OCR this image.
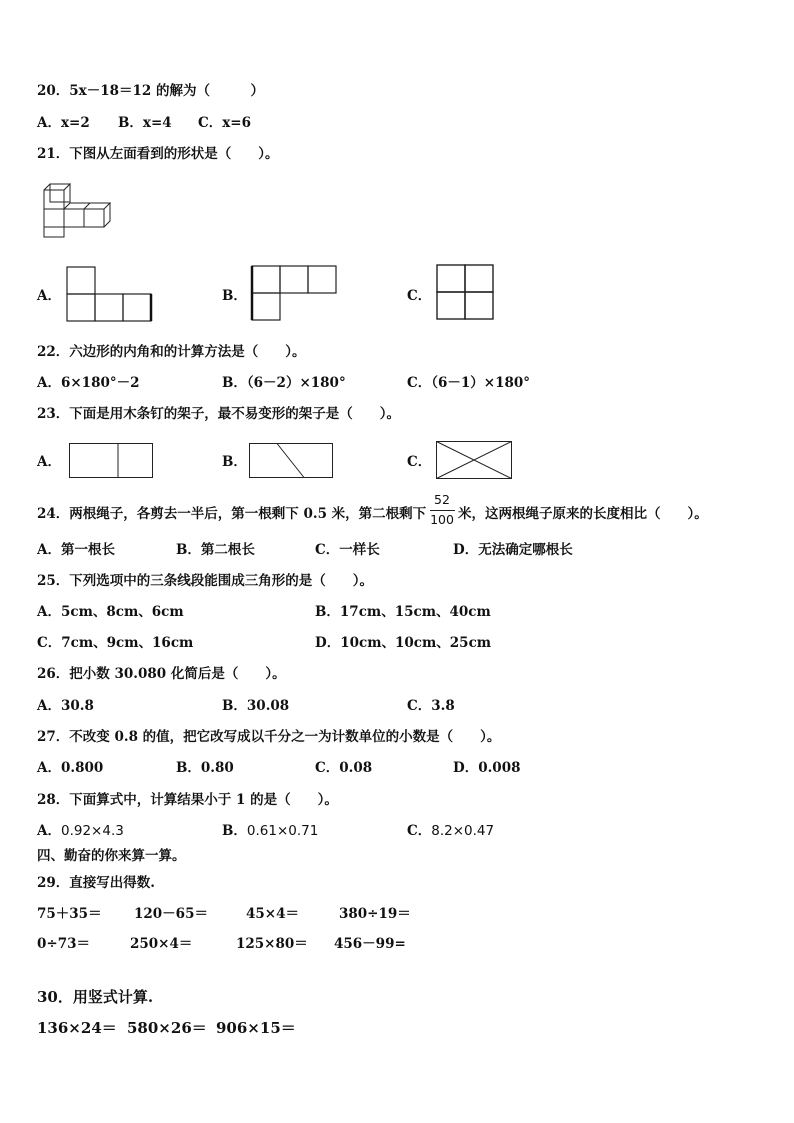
20．5x－18＝12 的解为（　　　）
A．x=2 B．x=4 C．x=6
21．下图从左面看到的形状是（　　）。
A．	B．	C．
22．六边形的内角和的计算方法是（　　）。
A．6×180°－2	B．（6－2）×180°	C．（6－1）×180°
23．下面是用木条钉的架子，最不易变形的架子是（　　）。
A．	B．	C．
24．两根绳子，各剪去一半后，第一根剩下 0.5 米，第二根剩下
52
100 米，这两根绳子原来的长度相比（　　）。
A．第一根长	B．第二根长	C．一样长	D．无法确定哪根长
25．下列选项中的三条线段能围成三角形的是（　　）。
A．5cm、8cm、6cm	B．17cm、15cm、40cm
C．7cm、9cm、16cm	D．10cm、10cm、25cm
26．把小数 30.080 化简后是（　　）。
A．30.8	B．30.08	C．3.8
27．不改变 0.8 的值，把它改写成以千分之一为计数单位的小数是（　　）。
A．0.800	B．0.80	C．0.08	D．0.008
28．下面算式中，计算结果小于 1 的是（　　）。
A．0.92×4.3	B．0.61×0.71	C．8.2×0.47
四、勤奋的你来算一算。
29．直接写出得数.
75＋35＝ 120－65＝	45×4＝	380÷19＝
0÷73＝	250×4＝	125×80＝ 456－99=
30．用竖式计算.
136×24＝ 580×26＝ 906×15＝
